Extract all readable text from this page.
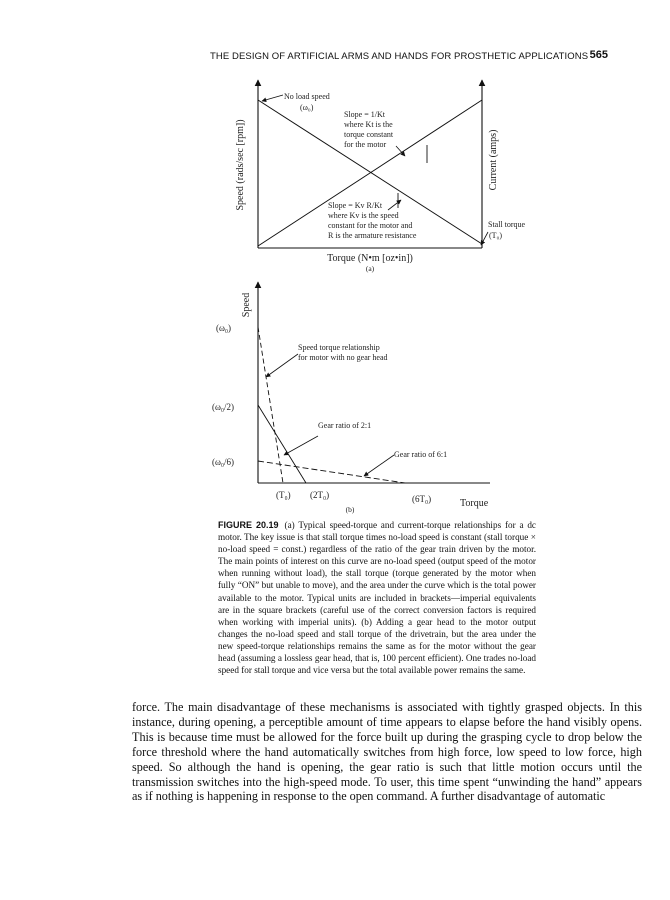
THE DESIGN OF ARTIFICIAL ARMS AND HANDS FOR PROSTHETIC APPLICATIONS 565
Speed (rads/sec [rpm])	Current (amps)
No load speed
(ω₀)
Slope = 1/Kt
where Kt is the
torque constant
for the motor
Slope = Kv R/Kt
where Kv is the speed
constant for the motor and
R is the armature resistance
Stall torque
(T₀)
Torque (N•m [oz•in])
(a)
Speed
(ω₀)
(ω₀/2)
(ω₀/6)
Speed torque relationship
for motor with no gear head
Gear ratio of 2:1
Gear ratio of 6:1
(T₀) (2T₀)	(6T₀)	Torque
(b)
FIGURE 20.19 (a) Typical speed-torque and current-torque relationships for a dc motor. The key issue is that stall torque times no-load speed is constant (stall torque × no-load speed = const.) regardless of the ratio of the gear train driven by the motor. The main points of interest on this curve are no-load speed (output speed of the motor when running without load), the stall torque (torque generated by the motor when fully “ON” but unable to move), and the area under the curve which is the total power available to the motor. Typical units are included in brackets—imperial equivalents are in the square brackets (careful use of the correct conversion factors is required when working with imperial units). (b) Adding a gear head to the motor output changes the no-load speed and stall torque of the drivetrain, but the area under the new speed-torque relationships remains the same as for the motor without the gear head (assuming a lossless gear head, that is, 100 percent efficient). One trades no-load speed for stall torque and vice versa but the total available power remains the same.

force. The main disadvantage of these mechanisms is associated with tightly grasped objects. In this instance, during opening, a perceptible amount of time appears to elapse before the hand visibly opens. This is because time must be allowed for the force built up during the grasping cycle to drop below the force threshold where the hand automatically switches from high force, low speed to low force, high speed. So although the hand is opening, the gear ratio is such that little motion occurs until the transmission switches into the high-speed mode. To user, this time spent “unwinding the hand” appears as if nothing is happening in response to the open command. A further disadvantage of automatic
